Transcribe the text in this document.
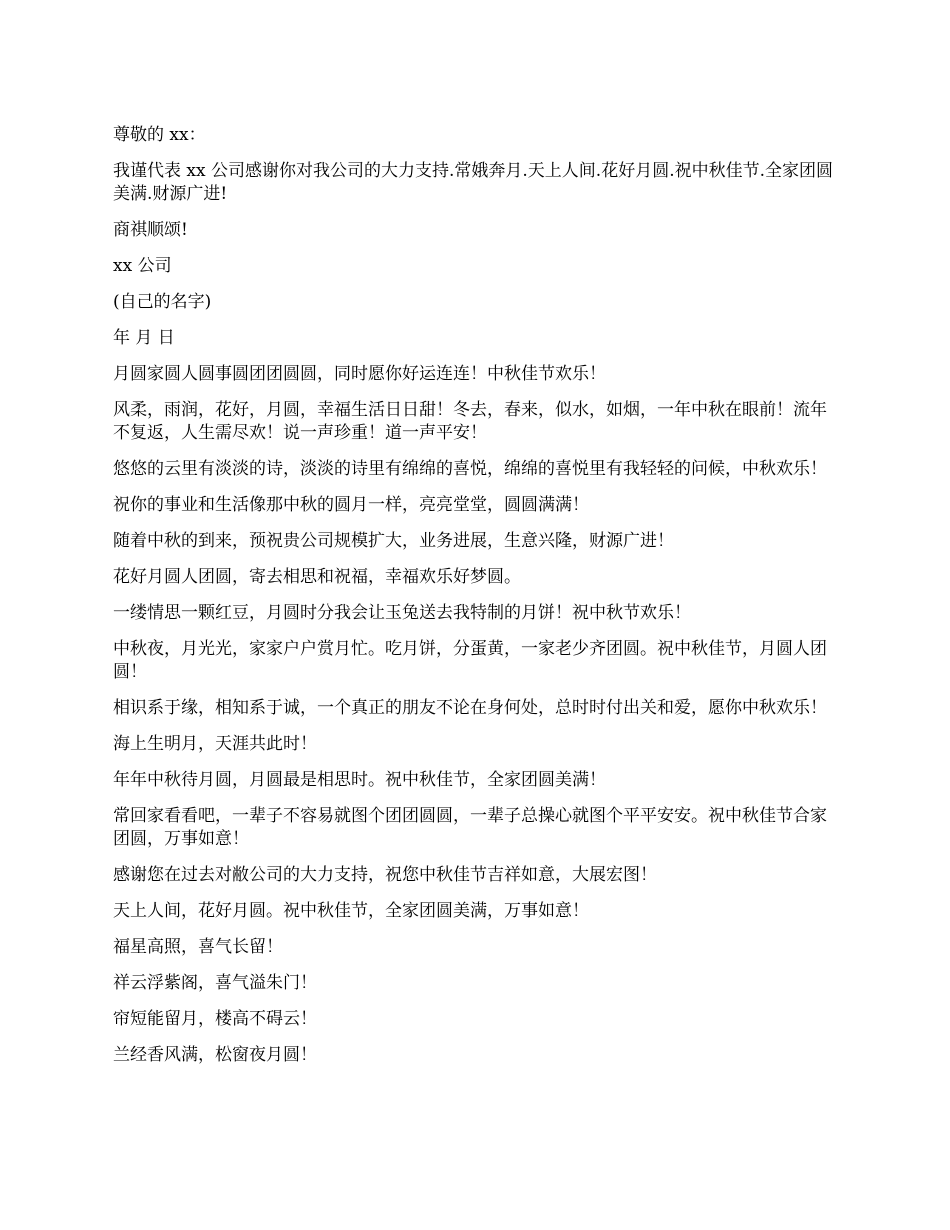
尊敬的 xx：

我谨代表 xx 公司感谢你对我公司的大力支持.常娥奔月.天上人间.花好月圆.祝中秋佳节.全家团圆美满.财源广进!

商祺顺颂!

xx 公司

(自己的名字)

年 月 日

月圆家圆人圆事圆团团圆圆，同时愿你好运连连！中秋佳节欢乐！

风柔，雨润，花好，月圆，幸福生活日日甜！冬去，春来，似水，如烟，一年中秋在眼前！流年不复返，人生需尽欢！说一声珍重！道一声平安！

悠悠的云里有淡淡的诗，淡淡的诗里有绵绵的喜悦，绵绵的喜悦里有我轻轻的问候，中秋欢乐！

祝你的事业和生活像那中秋的圆月一样，亮亮堂堂，圆圆满满！

随着中秋的到来，预祝贵公司规模扩大，业务进展，生意兴隆，财源广进！

花好月圆人团圆，寄去相思和祝福，幸福欢乐好梦圆。

一缕情思一颗红豆，月圆时分我会让玉兔送去我特制的月饼！祝中秋节欢乐！

中秋夜，月光光，家家户户赏月忙。吃月饼，分蛋黄，一家老少齐团圆。祝中秋佳节，月圆人团圆！

相识系于缘，相知系于诚，一个真正的朋友不论在身何处，总时时付出关和爱，愿你中秋欢乐！

海上生明月，天涯共此时！

年年中秋待月圆，月圆最是相思时。祝中秋佳节，全家团圆美满！

常回家看看吧，一辈子不容易就图个团团圆圆，一辈子总操心就图个平平安安。祝中秋佳节合家团圆，万事如意！

感谢您在过去对敝公司的大力支持，祝您中秋佳节吉祥如意，大展宏图！

天上人间，花好月圆。祝中秋佳节，全家团圆美满，万事如意！

福星高照，喜气长留！

祥云浮紫阁，喜气溢朱门！

帘短能留月，楼高不碍云！

兰经香风满，松窗夜月圆！
